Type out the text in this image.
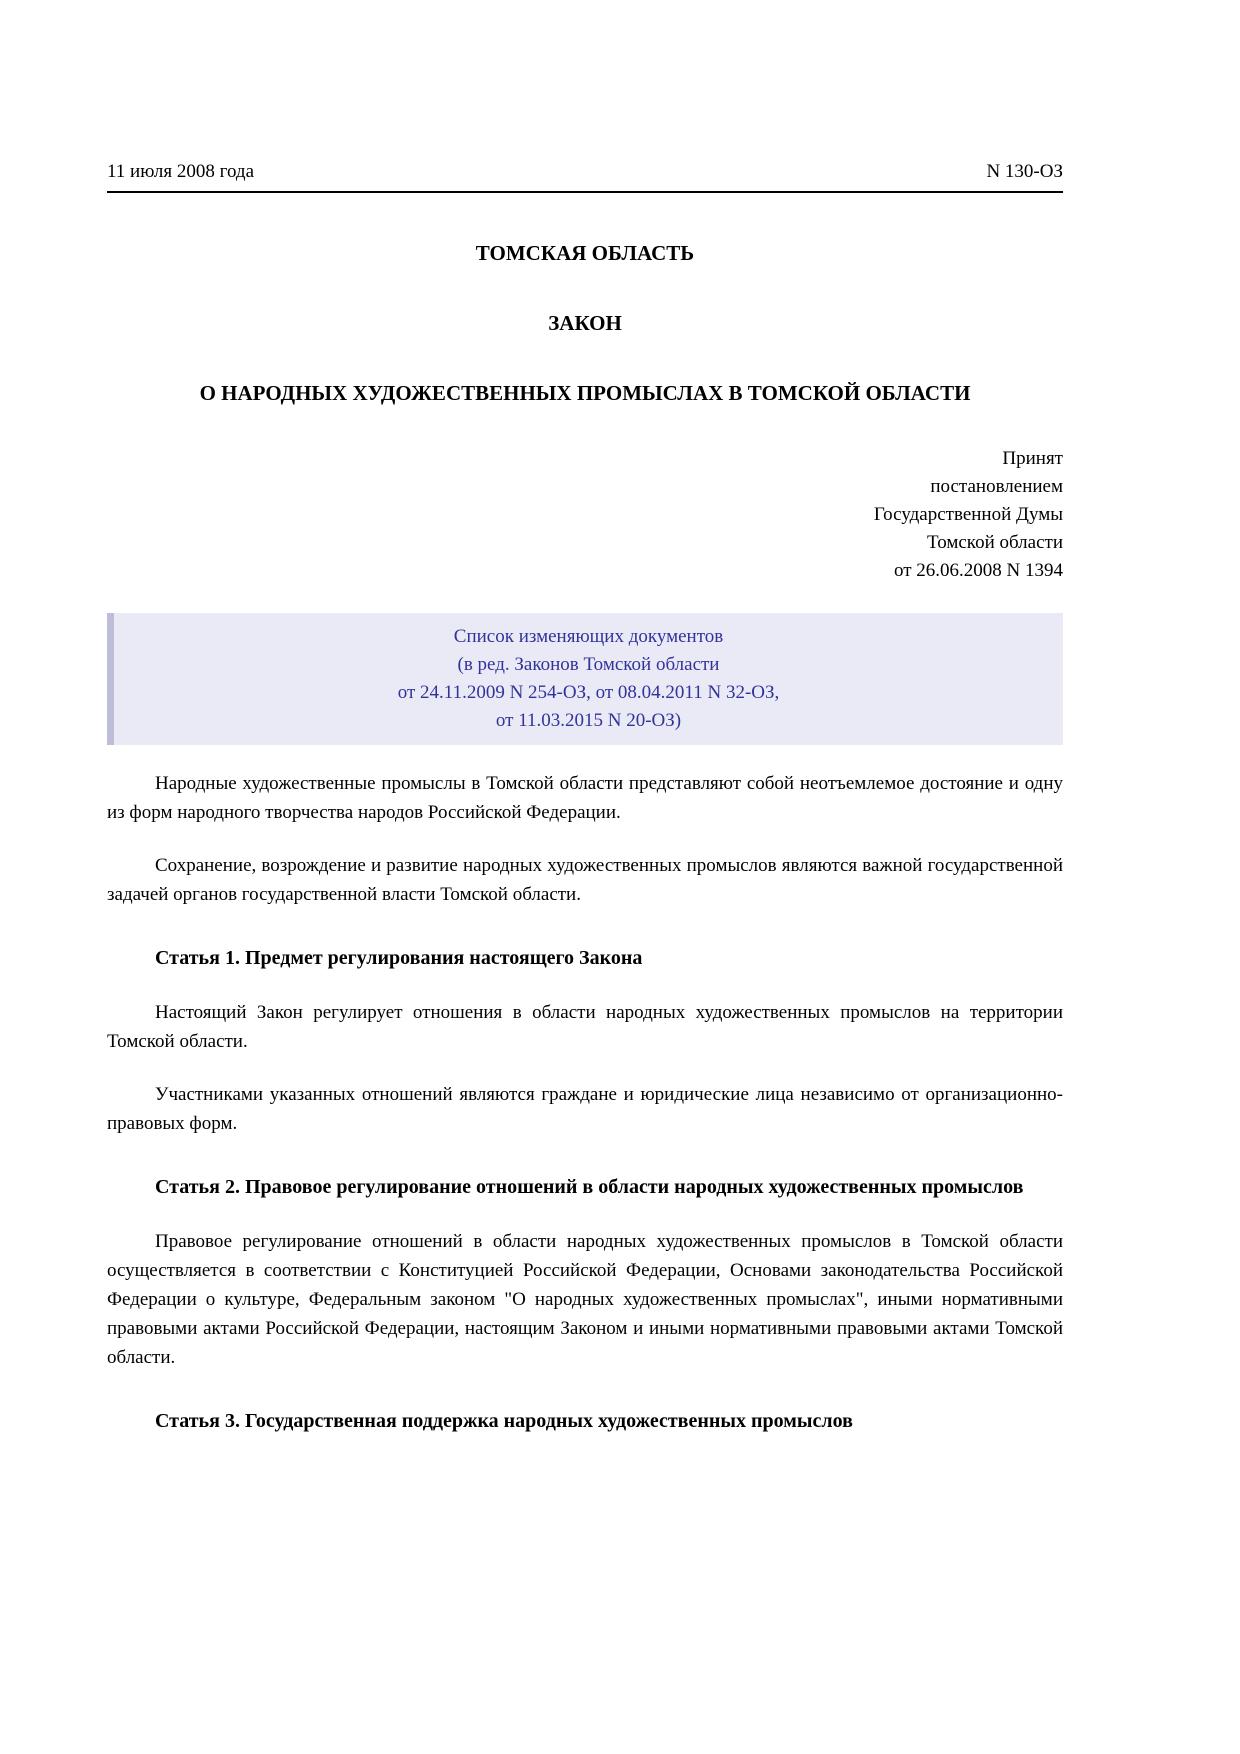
11 июля 2008 года	N 130-ОЗ
ТОМСКАЯ ОБЛАСТЬ
ЗАКОН
О НАРОДНЫХ ХУДОЖЕСТВЕННЫХ ПРОМЫСЛАХ В ТОМСКОЙ ОБЛАСТИ
Принят
постановлением
Государственной Думы
Томской области
от 26.06.2008 N 1394
Список изменяющих документов
(в ред. Законов Томской области
от 24.11.2009 N 254-ОЗ, от 08.04.2011 N 32-ОЗ,
от 11.03.2015 N 20-ОЗ)

Народные художественные промыслы в Томской области представляют собой неотъемлемое достояние и одну из форм народного творчества народов Российской Федерации.

Сохранение, возрождение и развитие народных художественных промыслов являются важной государственной задачей органов государственной власти Томской области.

Статья 1. Предмет регулирования настоящего Закона

Настоящий Закон регулирует отношения в области народных художественных промыслов на территории Томской области.

Участниками указанных отношений являются граждане и юридические лица независимо от организационно-правовых форм.

Статья 2. Правовое регулирование отношений в области народных художественных промыслов

Правовое регулирование отношений в области народных художественных промыслов в Томской области осуществляется в соответствии с Конституцией Российской Федерации, Основами законодательства Российской Федерации о культуре, Федеральным законом "О народных художественных промыслах", иными нормативными правовыми актами Российской Федерации, настоящим Законом и иными нормативными правовыми актами Томской области.

Статья 3. Государственная поддержка народных художественных промыслов
